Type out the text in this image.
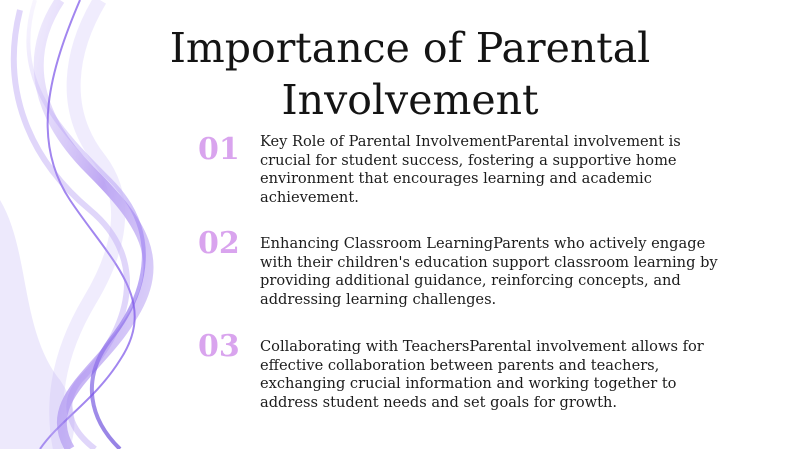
Importance of Parental Involvement
01	Key Role of Parental InvolvementParental involvement is crucial for student success, fostering a supportive home environment that encourages learning and academic achievement.
02	Enhancing Classroom LearningParents who actively engage with their children's education support classroom learning by providing additional guidance, reinforcing concepts, and addressing learning challenges.
03	Collaborating with TeachersParental involvement allows for effective collaboration between parents and teachers, exchanging crucial information and working together to address student needs and set goals for growth.
